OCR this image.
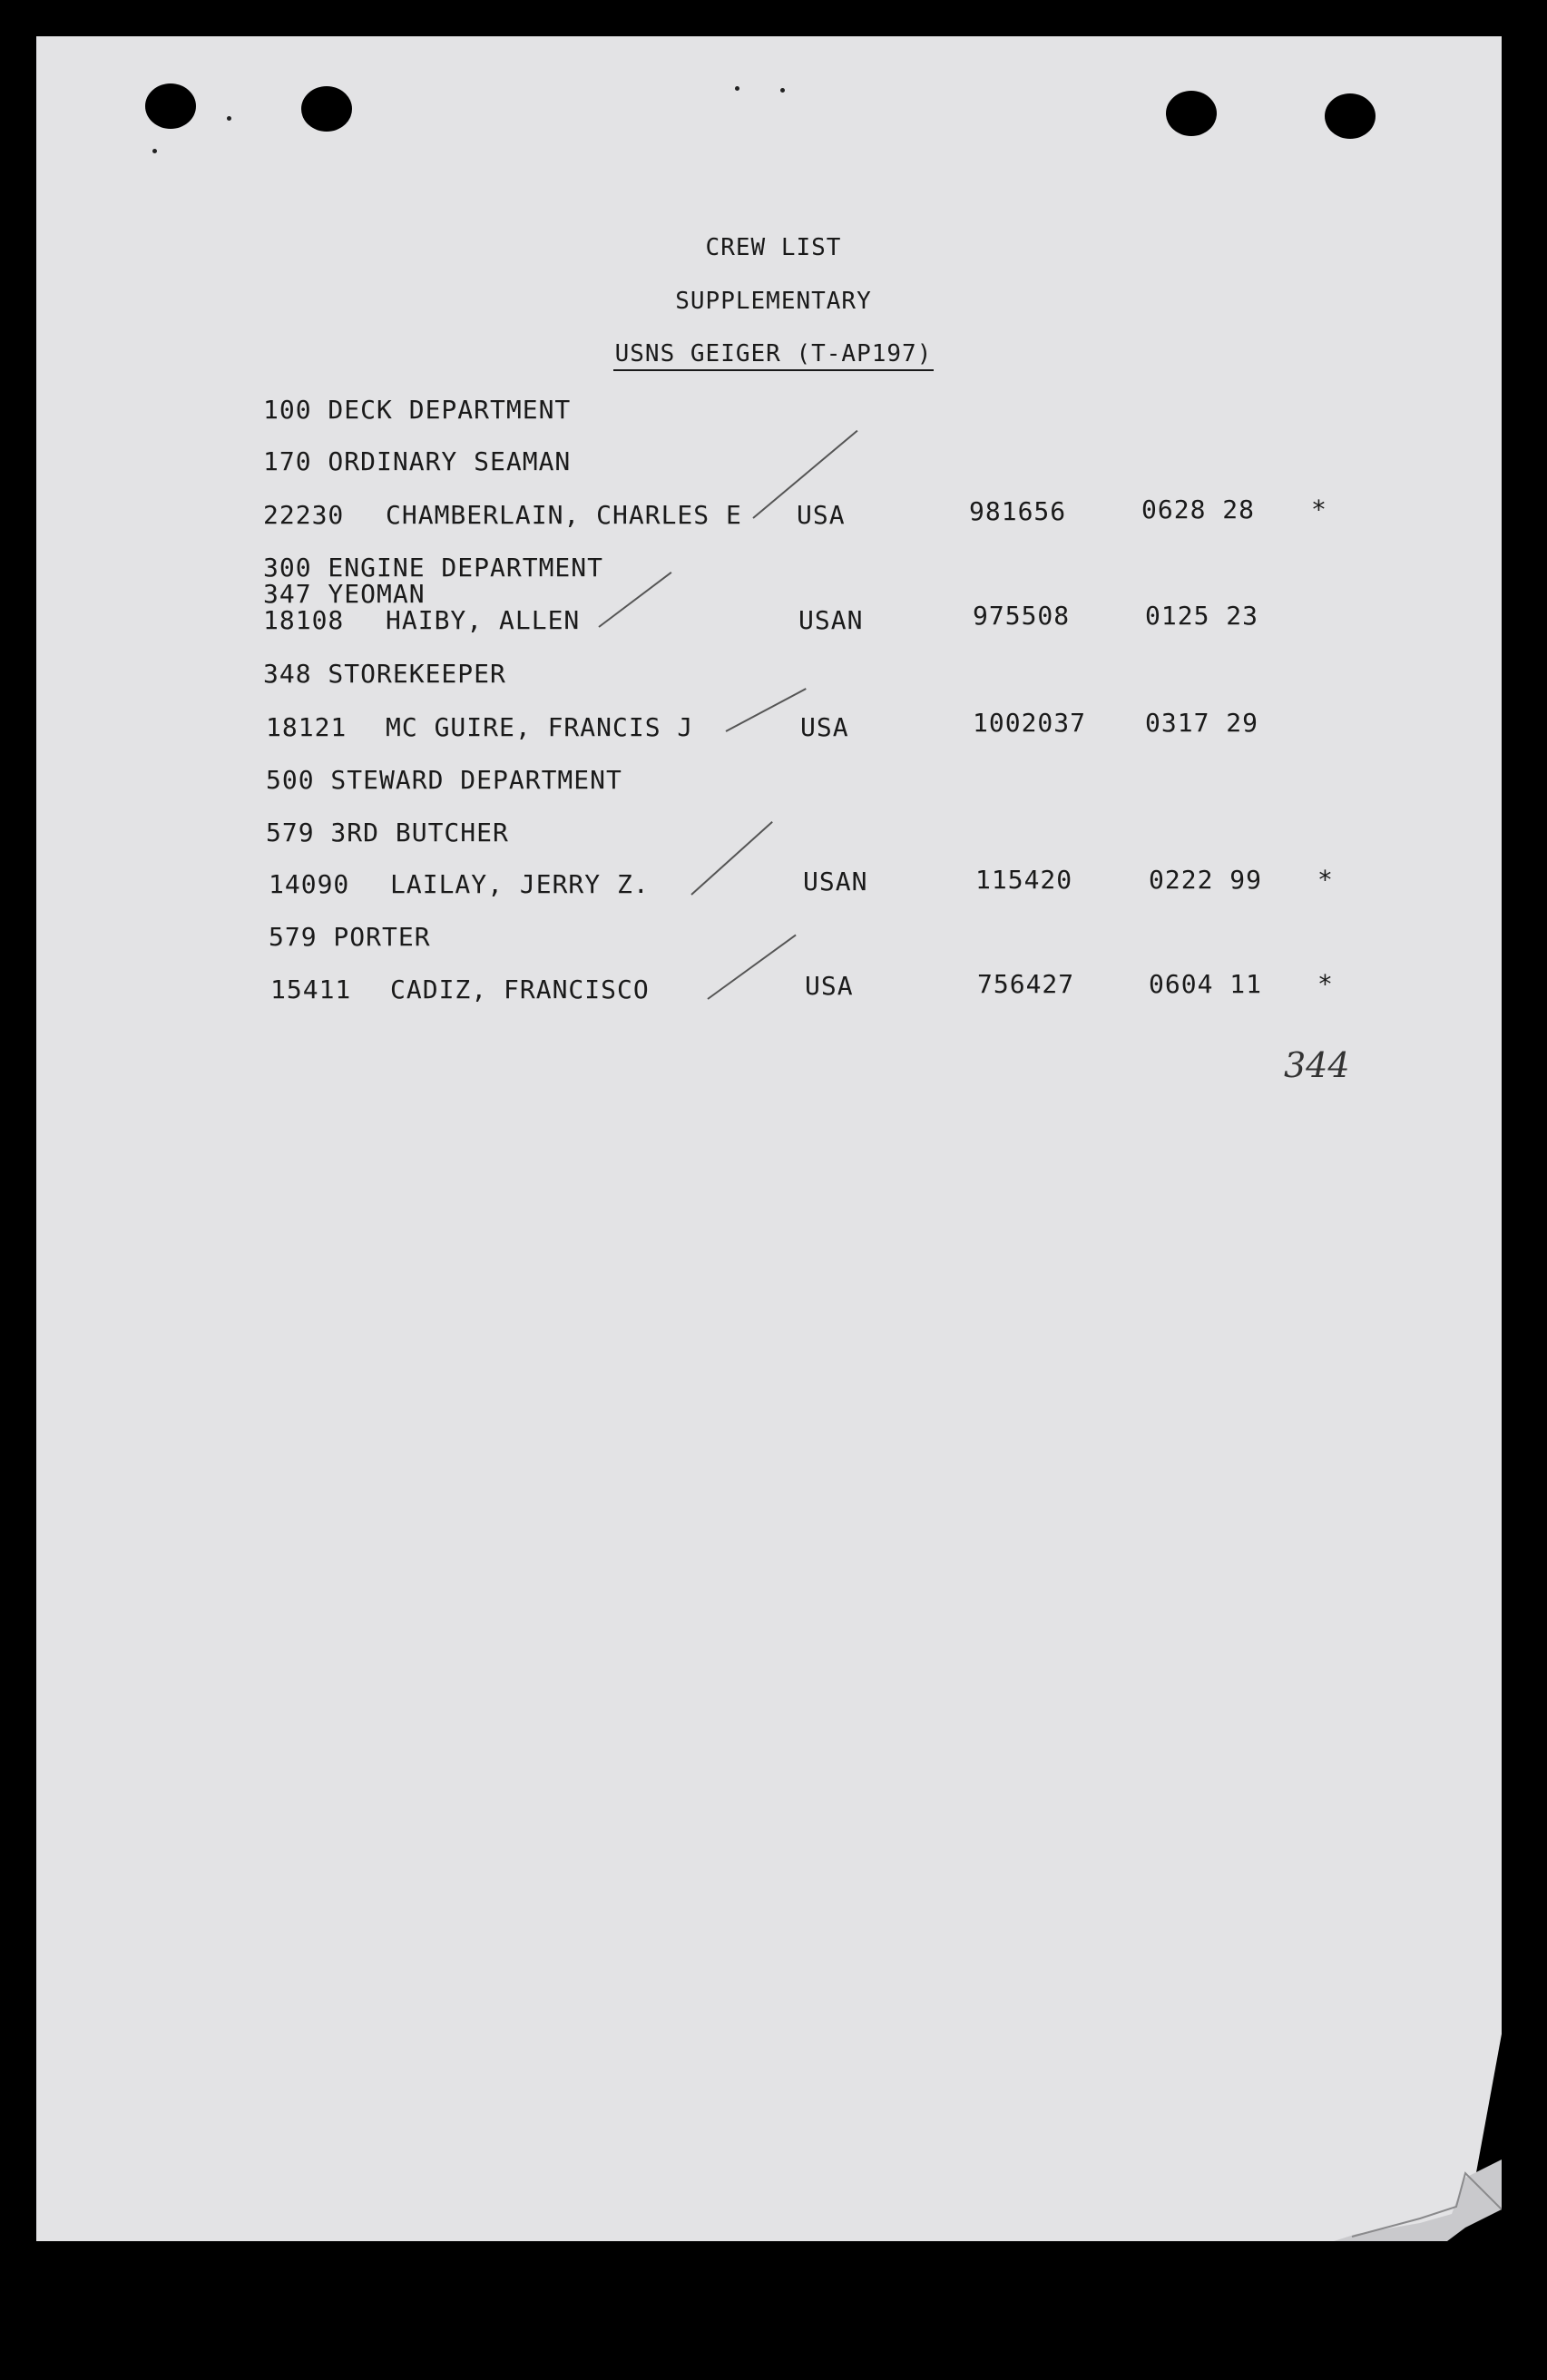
CREW LIST
SUPPLEMENTARY
USNS GEIGER (T-AP197)
100 DECK DEPARTMENT
170 ORDINARY SEAMAN
22230 CHAMBERLAIN, CHARLES E USA	981656	0628 28 *
300 ENGINE DEPARTMENT
347 YEOMAN
18108 HAIBY, ALLEN	USAN	975508	0125 23
348 STOREKEEPER
18121 MC GUIRE, FRANCIS J	USA	1002037 0317 29
500 STEWARD DEPARTMENT
579 3RD BUTCHER
14090 LAILAY, JERRY Z.	USAN	115420	0222 99 *
579 PORTER
15411 CADIZ, FRANCISCO	USA	756427	0604 11 *
344
